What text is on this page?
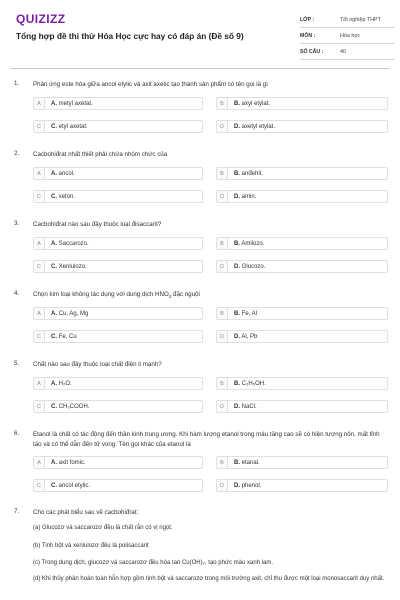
QUIZIZZ
Tổng hợp đề thi thử Hóa Học cực hay có đáp án (Đề số 9)
LỚP :	Tốt nghiệp THPT
MÔN :	Hóa học
SỐ CÂU :	40
1. Phản ứng este hóa giữa ancol etylic và axit axetic tạo thành sản phẩm có tên gọi là gì
A	A. metyl axetat.	B	B. axyl etylat.
C	C. etyl axetat.	D	D. axetyl etylat.
2. Cacbohiđrat nhất thiết phải chứa nhóm chức của
A	A. ancol.	B	B. anđehit.
C	C. xeton.	D	D. amin.
3. Cacbohiđrat nào sau đây thuộc loại đisaccarit?
A	A. Saccarozo.	B	B. Amilozo.
C	C. Xenlulozo.	D	D. Glucozo.
4. Chọn kim loại không tác dụng với dung dịch $HNO_3$ đặc nguội
A	A. Cu, Ag, Mg	B	B. Fe, Al
C	C. Fe, Cu	D	D. Al, Pb
5. Chất nào sau đây thuộc loại chất điện li mạnh?
A	A. H₂O.	B	B. C₂H₅OH.
C	C. CH₃COOH.	D	D. NaCl.
6. Etanol là chất có tác động đến thần kinh trung ương. Khi hàm lượng etanol trong máu tăng cao sẽ có hiện tượng nôn, mất tỉnh táo và có thể dẫn đến tử vong. Tên gọi khác của etanol là
A	A. axit fomic.	B	B. etanal.
C	C. ancol etylic.	D	D. phenol.
7. Cho các phát biểu sau về cacbohiđrat:
(a) Glucozơ và saccarozơ đều là chất rắn có vị ngọt.
(b) Tinh bột và xenlulozơ đều là polisaccarit
(c) Trong dung dịch, glucozơ và saccarozơ đều hòa tan Cu(OH)₂, tạo phức màu xanh lam.
(d) Khi thủy phân hoàn toàn hỗn hợp gồm tinh bột và saccarozơ trong môi trường axit, chỉ thu được một loại monosaccarit duy nhất.
